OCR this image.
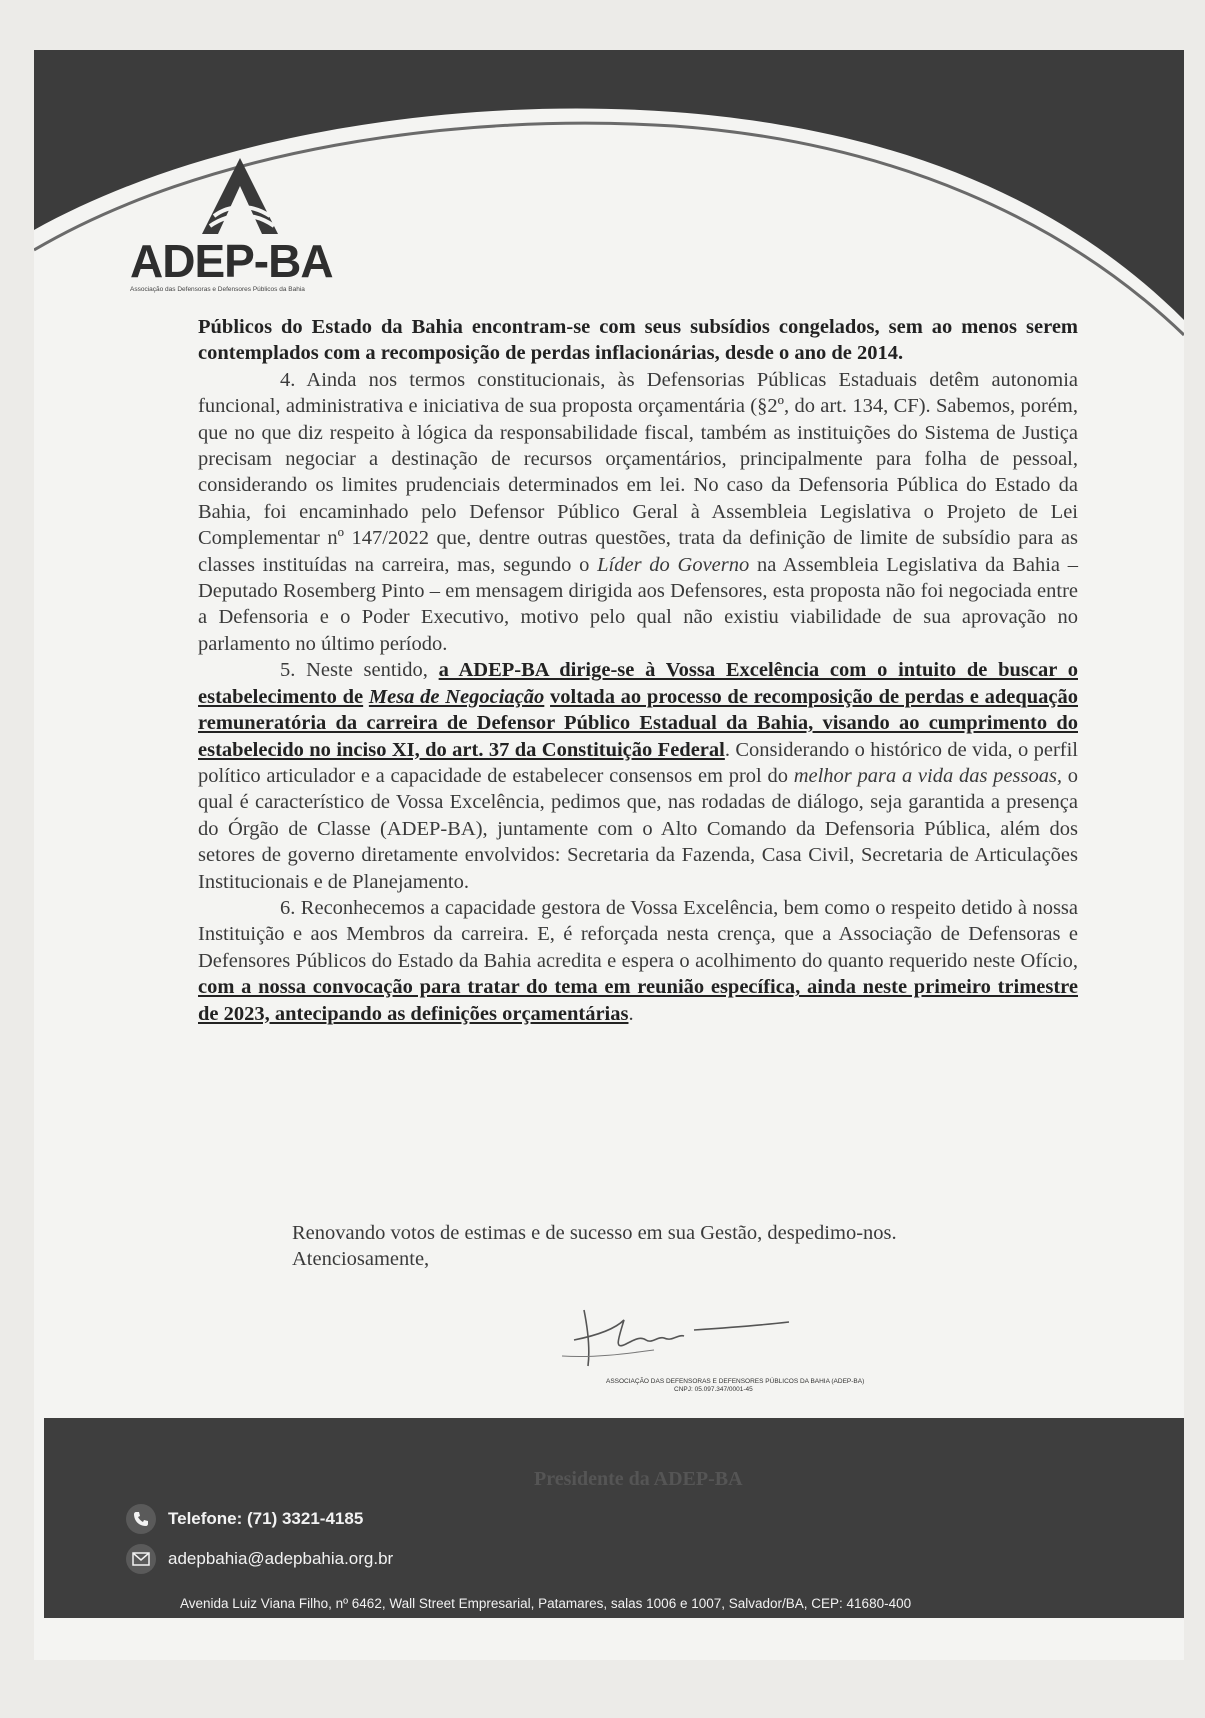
ADEP-BA
Associação das Defensoras e Defensores Públicos da Bahia

Públicos do Estado da Bahia encontram-se com seus subsídios congelados, sem ao menos serem contemplados com a recomposição de perdas inflacionárias, desde o ano de 2014.

4. Ainda nos termos constitucionais, às Defensorias Públicas Estaduais detêm autonomia funcional, administrativa e iniciativa de sua proposta orçamentária (§2º, do art. 134, CF). Sabemos, porém, que no que diz respeito à lógica da responsabilidade fiscal, também as instituições do Sistema de Justiça precisam negociar a destinação de recursos orçamentários, principalmente para folha de pessoal, considerando os limites prudenciais determinados em lei. No caso da Defensoria Pública do Estado da Bahia, foi encaminhado pelo Defensor Público Geral à Assembleia Legislativa o Projeto de Lei Complementar nº 147/2022 que, dentre outras questões, trata da definição de limite de subsídio para as classes instituídas na carreira, mas, segundo o Líder do Governo na Assembleia Legislativa da Bahia – Deputado Rosemberg Pinto – em mensagem dirigida aos Defensores, esta proposta não foi negociada entre a Defensoria e o Poder Executivo, motivo pelo qual não existiu viabilidade de sua aprovação no parlamento no último período.

5. Neste sentido, a ADEP-BA dirige-se à Vossa Excelência com o intuito de buscar o estabelecimento de Mesa de Negociação voltada ao processo de recomposição de perdas e adequação remuneratória da carreira de Defensor Público Estadual da Bahia, visando ao cumprimento do estabelecido no inciso XI, do art. 37 da Constituição Federal. Considerando o histórico de vida, o perfil político articulador e a capacidade de estabelecer consensos em prol do melhor para a vida das pessoas, o qual é característico de Vossa Excelência, pedimos que, nas rodadas de diálogo, seja garantida a presença do Órgão de Classe (ADEP-BA), juntamente com o Alto Comando da Defensoria Pública, além dos setores de governo diretamente envolvidos: Secretaria da Fazenda, Casa Civil, Secretaria de Articulações Institucionais e de Planejamento.

6. Reconhecemos a capacidade gestora de Vossa Excelência, bem como o respeito detido à nossa Instituição e aos Membros da carreira. E, é reforçada nesta crença, que a Associação de Defensoras e Defensores Públicos do Estado da Bahia acredita e espera o acolhimento do quanto requerido neste Ofício, com a nossa convocação para tratar do tema em reunião específica, ainda neste primeiro trimestre de 2023, antecipando as definições orçamentárias.

Renovando votos de estimas e de sucesso em sua Gestão, despedimo-nos.
Atenciosamente,
ASSOCIAÇÃO DAS DEFENSORAS E DEFENSORES PÚBLICOS DA BAHIA (ADEP-BA)
CNPJ: 05.097.347/0001-45
Telefone: (71) 3321-4185
adepbahia@adepbahia.org.br
Avenida Luiz Viana Filho, nº 6462, Wall Street Empresarial, Patamares, salas 1006 e 1007, Salvador/BA, CEP: 41680-400
Presidente da ADEP-BA
